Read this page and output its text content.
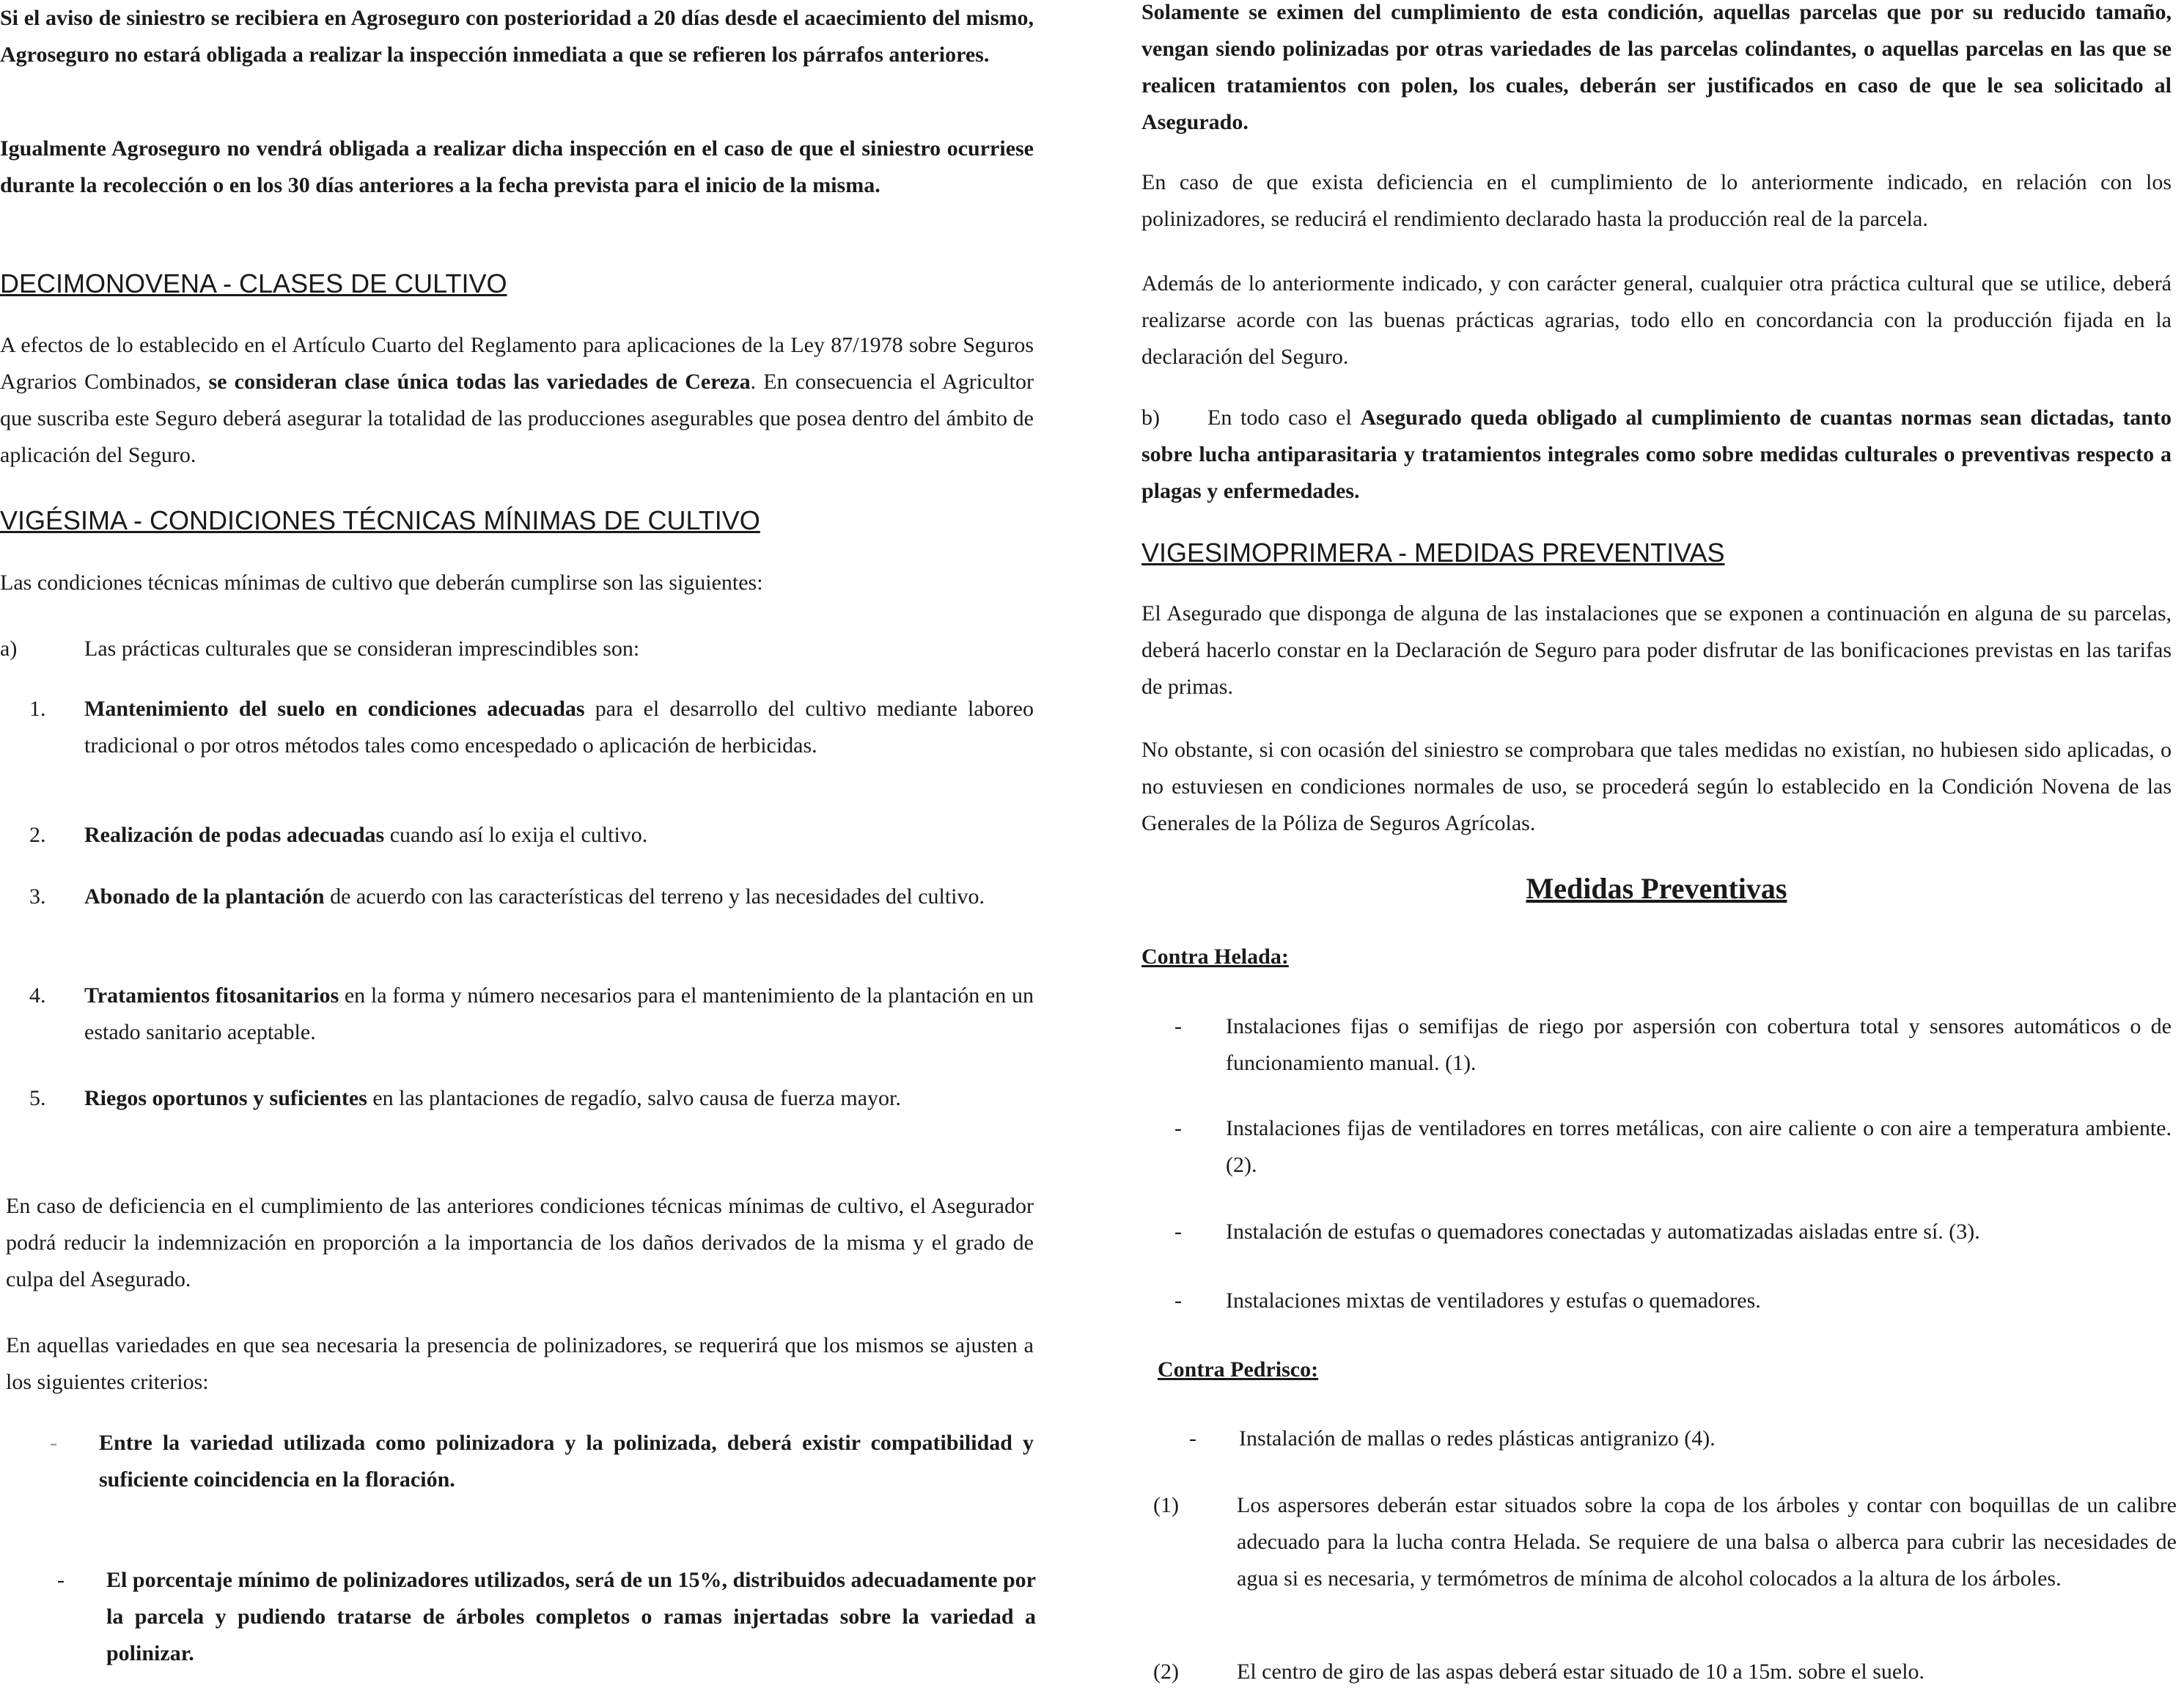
Si el aviso de siniestro se recibiera en Agroseguro con posterioridad a 20 días desde el acaecimiento del mismo, Agroseguro no estará obligada a realizar la inspección inmediata a que se refieren los párrafos anteriores.

Igualmente Agroseguro no vendrá obligada a realizar dicha inspección en el caso de que el siniestro ocurriese durante la recolección o en los 30 días anteriores a la fecha prevista para el inicio de la misma.

DECIMONOVENA - CLASES DE CULTIVO

A efectos de lo establecido en el Artículo Cuarto del Reglamento para aplicaciones de la Ley 87/1978 sobre Seguros Agrarios Combinados, se consideran clase única todas las variedades de Cereza. En consecuencia el Agricultor que suscriba este Seguro deberá asegurar la totalidad de las producciones asegurables que posea dentro del ámbito de aplicación del Seguro.

VIGÉSIMA - CONDICIONES TÉCNICAS MÍNIMAS DE CULTIVO

Las condiciones técnicas mínimas de cultivo que deberán cumplirse son las siguientes:

a)	Las prácticas culturales que se consideran imprescindibles son:

1. Mantenimiento del suelo en condiciones adecuadas para el desarrollo del cultivo mediante laboreo tradicional o por otros métodos tales como encespedado o aplicación de herbicidas.

2. Realización de podas adecuadas cuando así lo exija el cultivo.

3. Abonado de la plantación de acuerdo con las características del terreno y las necesidades del cultivo.

4. Tratamientos fitosanitarios en la forma y número necesarios para el mantenimiento de la plantación en un estado sanitario aceptable.

5. Riegos oportunos y suficientes en las plantaciones de regadío, salvo causa de fuerza mayor.

En caso de deficiencia en el cumplimiento de las anteriores condiciones técnicas mínimas de cultivo, el Asegurador podrá reducir la indemnización en proporción a la importancia de los daños derivados de la misma y el grado de culpa del Asegurado.

En aquellas variedades en que sea necesaria la presencia de polinizadores, se requerirá que los mismos se ajusten a los siguientes criterios:

- Entre la variedad utilizada como polinizadora y la polinizada, deberá existir compatibilidad y suficiente coincidencia en la floración.

- El porcentaje mínimo de polinizadores utilizados, será de un 15%, distribuidos adecuadamente por la parcela y pudiendo tratarse de árboles completos o ramas injertadas sobre la variedad a polinizar.

Solamente se eximen del cumplimiento de esta condición, aquellas parcelas que por su reducido tamaño, vengan siendo polinizadas por otras variedades de las parcelas colindantes, o aquellas parcelas en las que se realicen tratamientos con polen, los cuales, deberán ser justificados en caso de que le sea solicitado al Asegurado.

En caso de que exista deficiencia en el cumplimiento de lo anteriormente indicado, en relación con los polinizadores, se reducirá el rendimiento declarado hasta la producción real de la parcela.

Además de lo anteriormente indicado, y con carácter general, cualquier otra práctica cultural que se utilice, deberá realizarse acorde con las buenas prácticas agrarias, todo ello en concordancia con la producción fijada en la declaración del Seguro.

b)	En todo caso el Asegurado queda obligado al cumplimiento de cuantas normas sean dictadas, tanto sobre lucha antiparasitaria y tratamientos integrales como sobre medidas culturales o preventivas respecto a plagas y enfermedades.

VIGESIMOPRIMERA - MEDIDAS PREVENTIVAS

El Asegurado que disponga de alguna de las instalaciones que se exponen a continuación en alguna de su parcelas, deberá hacerlo constar en la Declaración de Seguro para poder disfrutar de las bonificaciones previstas en las tarifas de primas.

No obstante, si con ocasión del siniestro se comprobara que tales medidas no existían, no hubiesen sido aplicadas, o no estuviesen en condiciones normales de uso, se procederá según lo establecido en la Condición Novena de las Generales de la Póliza de Seguros Agrícolas.

Medidas Preventivas

Contra Helada:

- Instalaciones fijas o semifijas de riego por aspersión con cobertura total y sensores automáticos o de funcionamiento manual. (1).

- Instalaciones fijas de ventiladores en torres metálicas, con aire caliente o con aire a temperatura ambiente. (2).

- Instalación de estufas o quemadores conectadas y automatizadas aisladas entre sí. (3).

- Instalaciones mixtas de ventiladores y estufas o quemadores.

Contra Pedrisco:

- Instalación de mallas o redes plásticas antigranizo (4).

(1)	Los aspersores deberán estar situados sobre la copa de los árboles y contar con boquillas de un calibre adecuado para la lucha contra Helada. Se requiere de una balsa o alberca para cubrir las necesidades de agua si es necesaria, y termómetros de mínima de alcohol colocados a la altura de los árboles.

(2)	El centro de giro de las aspas deberá estar situado de 10 a 15m. sobre el suelo.
